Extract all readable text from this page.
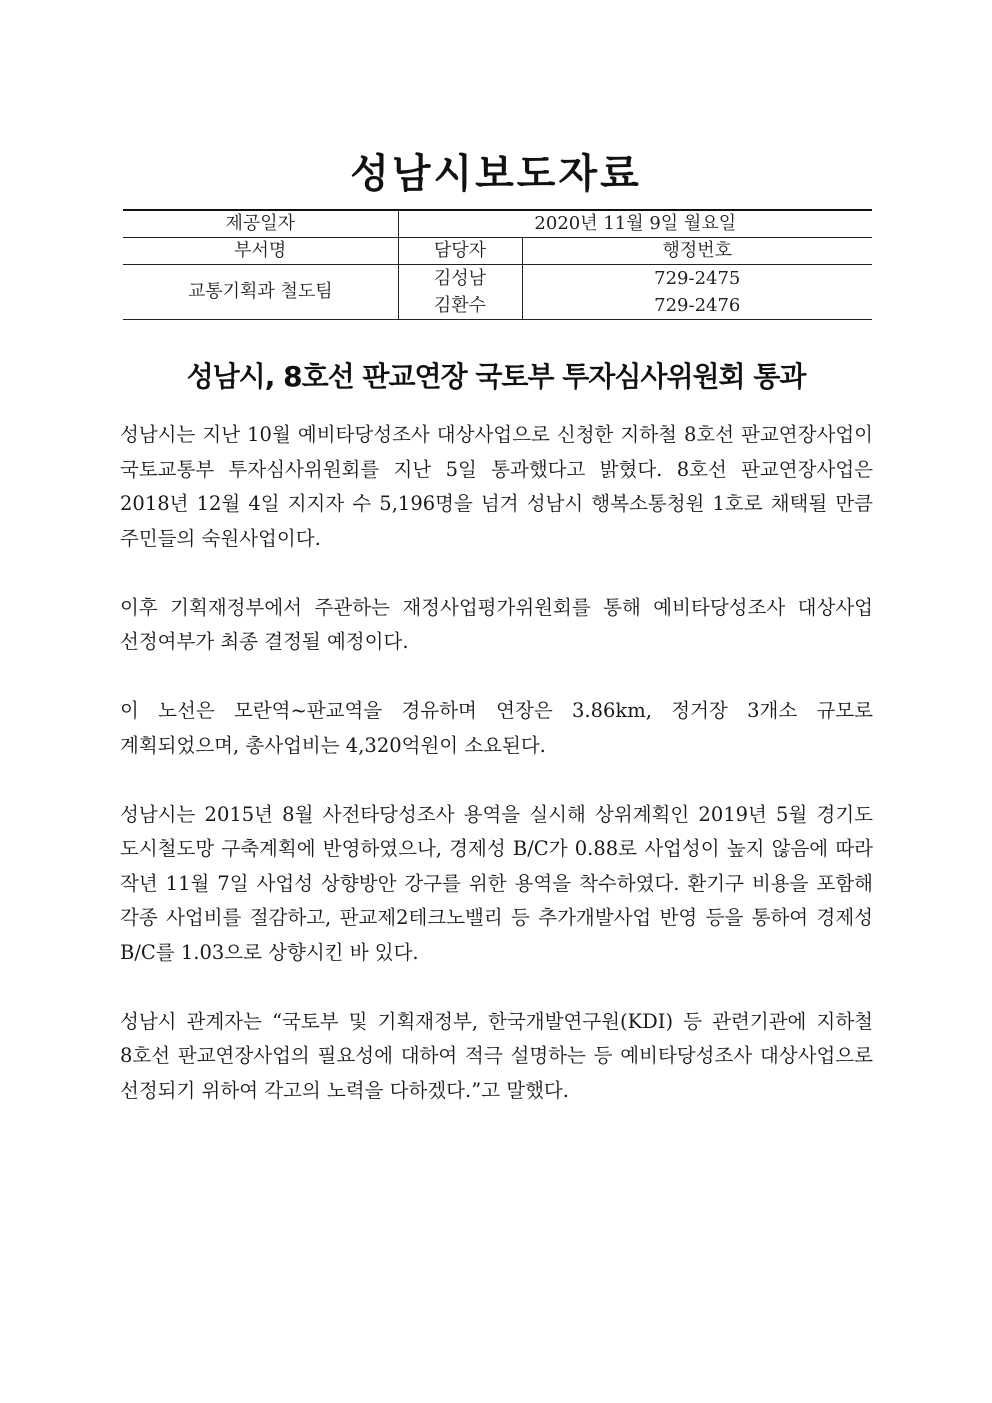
성남시보도자료
제공일자	2020년 11월 9일 월요일	
부서명	담당자	행정번호
교통기획과 철도팀	김성남	729-2475
	김환수	729-2476
성남시, 8호선 판교연장 국토부 투자심사위원회 통과

성남시는 지난 10월 예비타당성조사 대상사업으로 신청한 지하철 8호선 판교연장사업이 국토교통부 투자심사위원회를 지난 5일 통과했다고 밝혔다. 8호선 판교연장사업은 2018년 12월 4일 지지자 수 5,196명을 넘겨 성남시 행복소통청원 1호로 채택될 만큼 주민들의 숙원사업이다.

이후 기획재정부에서 주관하는 재정사업평가위원회를 통해 예비타당성조사 대상사업 선정여부가 최종 결정될 예정이다.

이 노선은 모란역~판교역을 경유하며 연장은 3.86km, 정거장 3개소 규모로 계획되었으며, 총사업비는 4,320억원이 소요된다.

성남시는 2015년 8월 사전타당성조사 용역을 실시해 상위계획인 2019년 5월 경기도 도시철도망 구축계획에 반영하였으나, 경제성 B/C가 0.88로 사업성이 높지 않음에 따라 작년 11월 7일 사업성 상향방안 강구를 위한 용역을 착수하였다. 환기구 비용을 포함해 각종 사업비를 절감하고, 판교제2테크노밸리 등 추가개발사업 반영 등을 통하여 경제성 B/C를 1.03으로 상향시킨 바 있다.

성남시 관계자는 “국토부 및 기획재정부, 한국개발연구원(KDI) 등 관련기관에 지하철 8호선 판교연장사업의 필요성에 대하여 적극 설명하는 등 예비타당성조사 대상사업으로 선정되기 위하여 각고의 노력을 다하겠다.”고 말했다.
